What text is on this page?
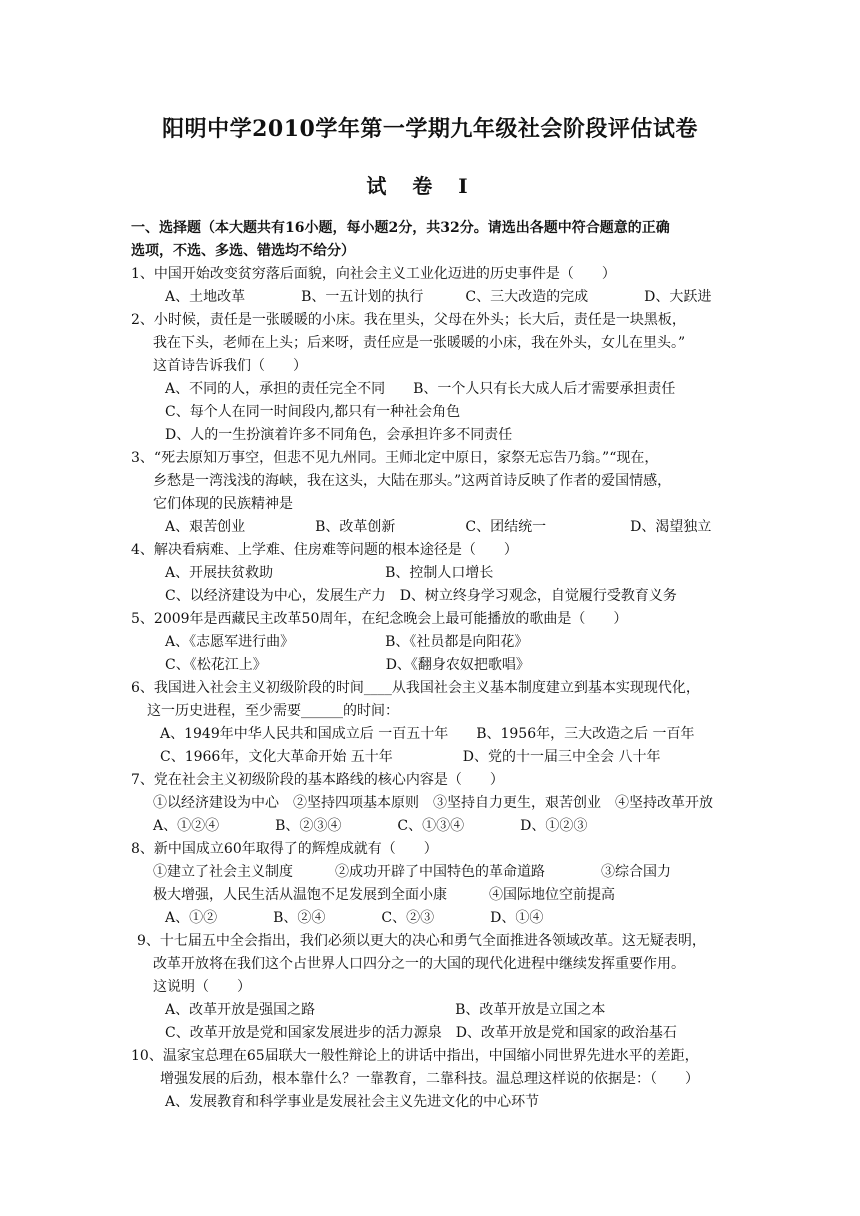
阳明中学2010学年第一学期九年级社会阶段评估试卷
试卷I
一、选择题（本大题共有16小题，每小题2分，共32分。请选出各题中符合题意的正确
选项，不选、多选、错选均不给分）
1、中国开始改变贫穷落后面貌，向社会主义工业化迈进的历史事件是（　　）
A、土地改革　　　　B、一五计划的执行　　　C、三大改造的完成　　　　D、大跃进
2、小时候，责任是一张暖暖的小床。我在里头，父母在外头；长大后，责任是一块黑板，
我在下头，老师在上头；后来呀，责任应是一张暖暖的小床，我在外头，女儿在里头。”
这首诗告诉我们（　　）
A、不同的人，承担的责任完全不同　　B、一个人只有长大成人后才需要承担责任
C、每个人在同一时间段内,都只有一种社会角色
D、人的一生扮演着许多不同角色，会承担许多不同责任
3、“死去原知万事空，但悲不见九州同。王师北定中原日，家祭无忘告乃翁。”“现在，
乡愁是一湾浅浅的海峡，我在这头，大陆在那头。”这两首诗反映了作者的爱国情感，
它们体现的民族精神是
A、艰苦创业　　　　　B、改革创新　　　　　C、团结统一　　　　　　D、渴望独立
4、解决看病难、上学难、住房难等问题的根本途径是（　　）
A、开展扶贫救助　　　　　　　　B、控制人口增长
C、以经济建设为中心，发展生产力　D、树立终身学习观念，自觉履行受教育义务
5、2009年是西藏民主改革50周年，在纪念晚会上最可能播放的歌曲是（　　）
A、《志愿军进行曲》　　　　　　　B、《社员都是向阳花》
C、《松花江上》　　　　　　　　　D、《翻身农奴把歌唱》
6、我国进入社会主义初级阶段的时间____从我国社会主义基本制度建立到基本实现现代化，
这一历史进程，至少需要______的时间：
A、1949年中华人民共和国成立后 一百五十年　　B、1956年，三大改造之后 一百年
C、1966年，文化大革命开始 五十年　　　　　D、党的十一届三中全会 八十年
7、党在社会主义初级阶段的基本路线的核心内容是（　　）
①以经济建设为中心　②坚持四项基本原则　③坚持自力更生，艰苦创业　④坚持改革开放
A、①②④　　　　B、②③④　　　　C、①③④　　　　D、①②③
8、新中国成立60年取得了的辉煌成就有（　　）
①建立了社会主义制度　　　②成功开辟了中国特色的革命道路　　　　③综合国力
极大增强，人民生活从温饱不足发展到全面小康　　　④国际地位空前提高
A、①②　　　　B、②④　　　　C、②③　　　　D、①④
9、十七届五中全会指出，我们必须以更大的决心和勇气全面推进各领域改革。这无疑表明，
改革开放将在我们这个占世界人口四分之一的大国的现代化进程中继续发挥重要作用。
这说明（　　）
A、改革开放是强国之路　　　　　　　　　　B、改革开放是立国之本
C、改革开放是党和国家发展进步的活力源泉　D、改革开放是党和国家的政治基石
10、温家宝总理在65届联大一般性辩论上的讲话中指出，中国缩小同世界先进水平的差距，
增强发展的后劲，根本靠什么？一靠教育，二靠科技。温总理这样说的依据是：（　　）
A、发展教育和科学事业是发展社会主义先进文化的中心环节
